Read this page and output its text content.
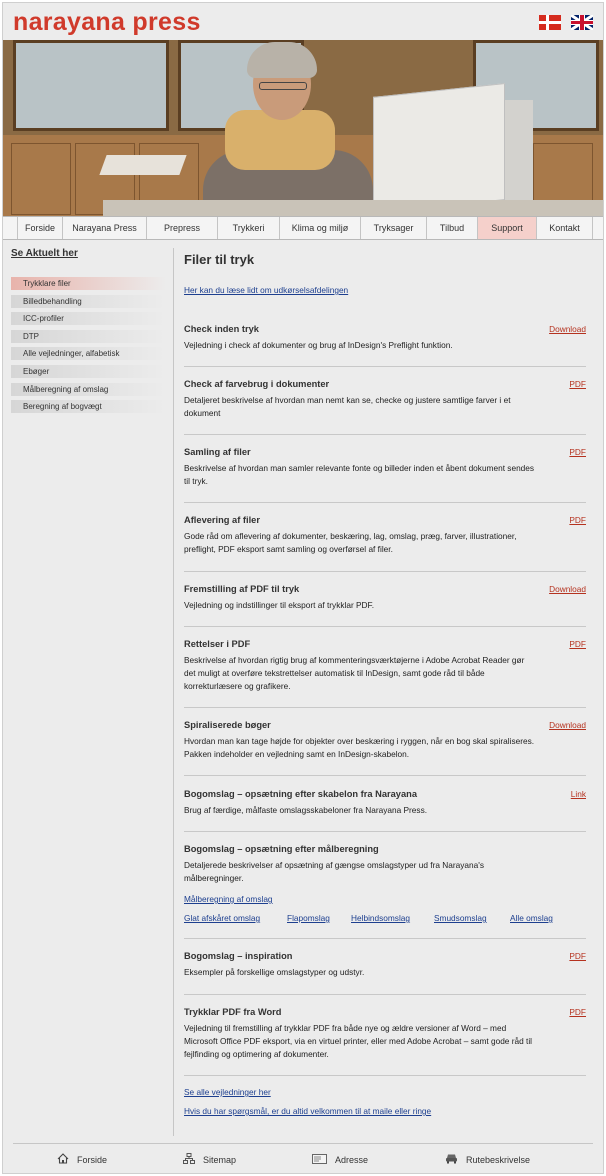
narayana press
Forside	Narayana Press	Prepress	Trykkeri	Klima og miljø	Tryksager	Tilbud	Support	Kontakt
Se Aktuelt her
Trykklare filer
Billedbehandling
ICC-profiler
DTP
Alle vejledninger, alfabetisk
Ebøger
Målberegning af omslag
Beregning af bogvægt
Filer til tryk
Her kan du læse lidt om udkørselsafdelingen
Check inden tryk
Vejledning i check af dokumenter og brug af InDesign's Preflight funktion.
Download
Check af farvebrug i dokumenter
Detaljeret beskrivelse af hvordan man nemt kan se, checke og justere samtlige farver i et dokument
PDF
Samling af filer
Beskrivelse af hvordan man samler relevante fonte og billeder inden et åbent dokument sendes til tryk.
PDF
Aflevering af filer
Gode råd om aflevering af dokumenter, beskæring, lag, omslag, præg, farver, illustrationer, preflight, PDF eksport samt samling og overførsel af filer.
PDF
Fremstilling af PDF til tryk
Vejledning og indstillinger til eksport af trykklar PDF.
Download
Rettelser i PDF
Beskrivelse af hvordan rigtig brug af kommenteringsværktøjerne i Adobe Acrobat Reader gør det muligt at overføre tekstrettelser automatisk til InDesign, samt gode råd til både korrekturlæsere og grafikere.
PDF
Spiraliserede bøger
Hvordan man kan tage højde for objekter over beskæring i ryggen, når en bog skal spiraliseres. Pakken indeholder en vejledning samt en InDesign-skabelon.
Download
Bogomslag – opsætning efter skabelon fra Narayana
Brug af færdige, målfaste omslagsskabeloner fra Narayana Press.
Link
Bogomslag – opsætning efter målberegning
Detaljerede beskrivelser af opsætning af gængse omslagstyper ud fra Narayana's målberegninger.
Målberegning af omslag
Glat afskåret omslag	Flapomslag	Helbindsomslag	Smudsomslag	Alle omslag
Bogomslag – inspiration
Eksempler på forskellige omslagstyper og udstyr.
PDF
Trykklar PDF fra Word
Vejledning til fremstilling af trykklar PDF fra både nye og ældre versioner af Word – med Microsoft Office PDF eksport, via en virtuel printer, eller med Adobe Acrobat – samt gode råd til fejlfinding og optimering af dokumenter.
PDF
Se alle vejledninger her
Hvis du har spørgsmål, er du altid velkommen til at maile eller ringe
Forside	Sitemap	Adresse	Rutebeskrivelse
